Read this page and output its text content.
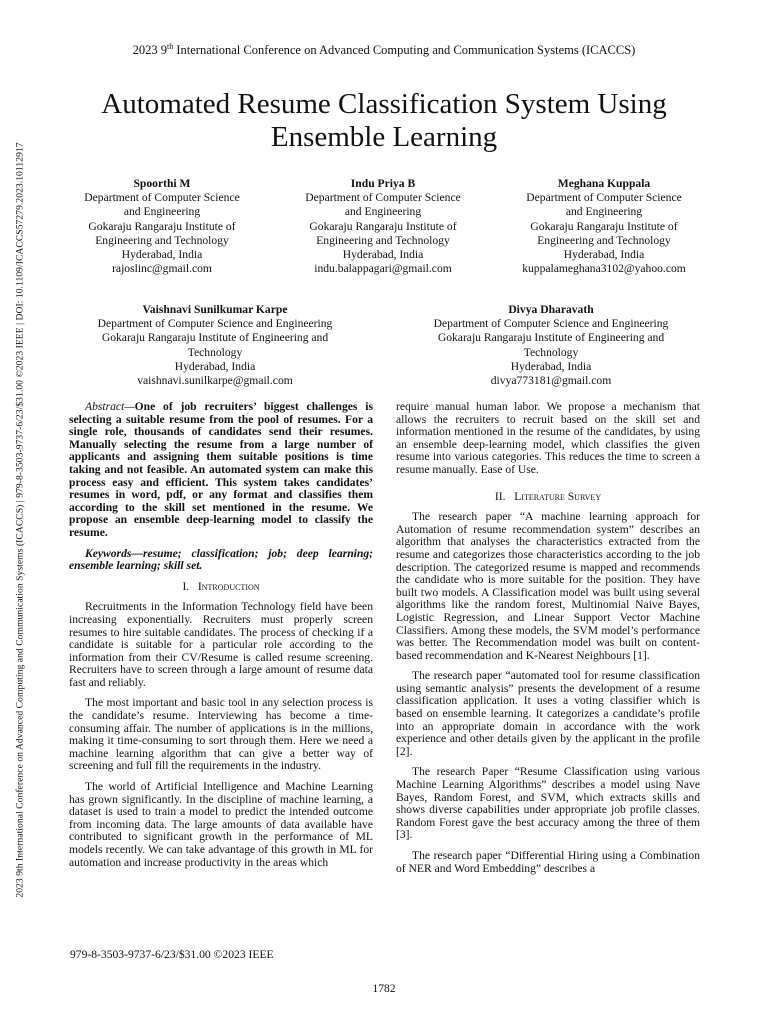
2023 9th International Conference on Advanced Computing and Communication Systems (ICACCS) | 979-8-3503-9737-6/23/$31.00 ©2023 IEEE | DOI: 10.1109/ICACCS57279.2023.10112917
2023 9th International Conference on Advanced Computing and Communication Systems (ICACCS)
Automated Resume Classification System Using
Ensemble Learning
Spoorthi M
Department of Computer Science
and Engineering
Gokaraju Rangaraju Institute of
Engineering and Technology
Hyderabad, India
rajoslinc@gmail.com
Indu Priya B
Department of Computer Science
and Engineering
Gokaraju Rangaraju Institute of
Engineering and Technology
Hyderabad, India
indu.balappagari@gmail.com
Meghana Kuppala
Department of Computer Science
and Engineering
Gokaraju Rangaraju Institute of
Engineering and Technology
Hyderabad, India
kuppalameghana3102@yahoo.com
Vaishnavi Sunilkumar Karpe
Department of Computer Science and Engineering
Gokaraju Rangaraju Institute of Engineering and
Technology
Hyderabad, India
vaishnavi.sunilkarpe@gmail.com
Divya Dharavath
Department of Computer Science and Engineering
Gokaraju Rangaraju Institute of Engineering and
Technology
Hyderabad, India
divya773181@gmail.com

Abstract—One of job recruiters’ biggest challenges is selecting a suitable resume from the pool of resumes. For a single role, thousands of candidates send their resumes. Manually selecting the resume from a large number of applicants and assigning them suitable positions is time taking and not feasible. An automated system can make this process easy and efficient. This system takes candidates’ resumes in word, pdf, or any format and classifies them according to the skill set mentioned in the resume. We propose an ensemble deep-learning model to classify the resume.

Keywords—resume; classification; job; deep learning; ensemble learning; skill set.

I. Introduction

Recruitments in the Information Technology field have been increasing exponentially. Recruiters must properly screen resumes to hire suitable candidates. The process of checking if a candidate is suitable for a particular role according to the information from their CV/Resume is called resume screening. Recruiters have to screen through a large amount of resume data fast and reliably.

The most important and basic tool in any selection process is the candidate’s resume. Interviewing has become a time-consuming affair. The number of applications is in the millions, making it time-consuming to sort through them. Here we need a machine learning algorithm that can give a better way of screening and full fill the requirements in the industry.

The world of Artificial Intelligence and Machine Learning has grown significantly. In the discipline of machine learning, a dataset is used to train a model to predict the intended outcome from incoming data. The large amounts of data available have contributed to significant growth in the performance of ML models recently. We can take advantage of this growth in ML for automation and increase productivity in the areas which

require manual human labor. We propose a mechanism that allows the recruiters to recruit based on the skill set and information mentioned in the resume of the candidates, by using an ensemble deep-learning model, which classifies the given resume into various categories. This reduces the time to screen a resume manually. Ease of Use.

II. Literature Survey

The research paper “A machine learning approach for Automation of resume recommendation system” describes an algorithm that analyses the characteristics extracted from the resume and categorizes those characteristics according to the job description. The categorized resume is mapped and recommends the candidate who is more suitable for the position. They have built two models. A Classification model was built using several algorithms like the random forest, Multinomial Naive Bayes, Logistic Regression, and Linear Support Vector Machine Classifiers. Among these models, the SVM model’s performance was better. The Recommendation model was built on content-based recommendation and K-Nearest Neighbours [1].

The research paper “automated tool for resume classification using semantic analysis” presents the development of a resume classification application. It uses a voting classifier which is based on ensemble learning. It categorizes a candidate’s profile into an appropriate domain in accordance with the work experience and other details given by the applicant in the profile [2].

The research Paper “Resume Classification using various Machine Learning Algorithms” describes a model using Nave Bayes, Random Forest, and SVM, which extracts skills and shows diverse capabilities under appropriate job profile classes. Random Forest gave the best accuracy among the three of them [3].

The research paper “Differential Hiring using a Combination of NER and Word Embedding” describes a

979-8-3503-9737-6/23/$31.00 ©2023 IEEE
1782
